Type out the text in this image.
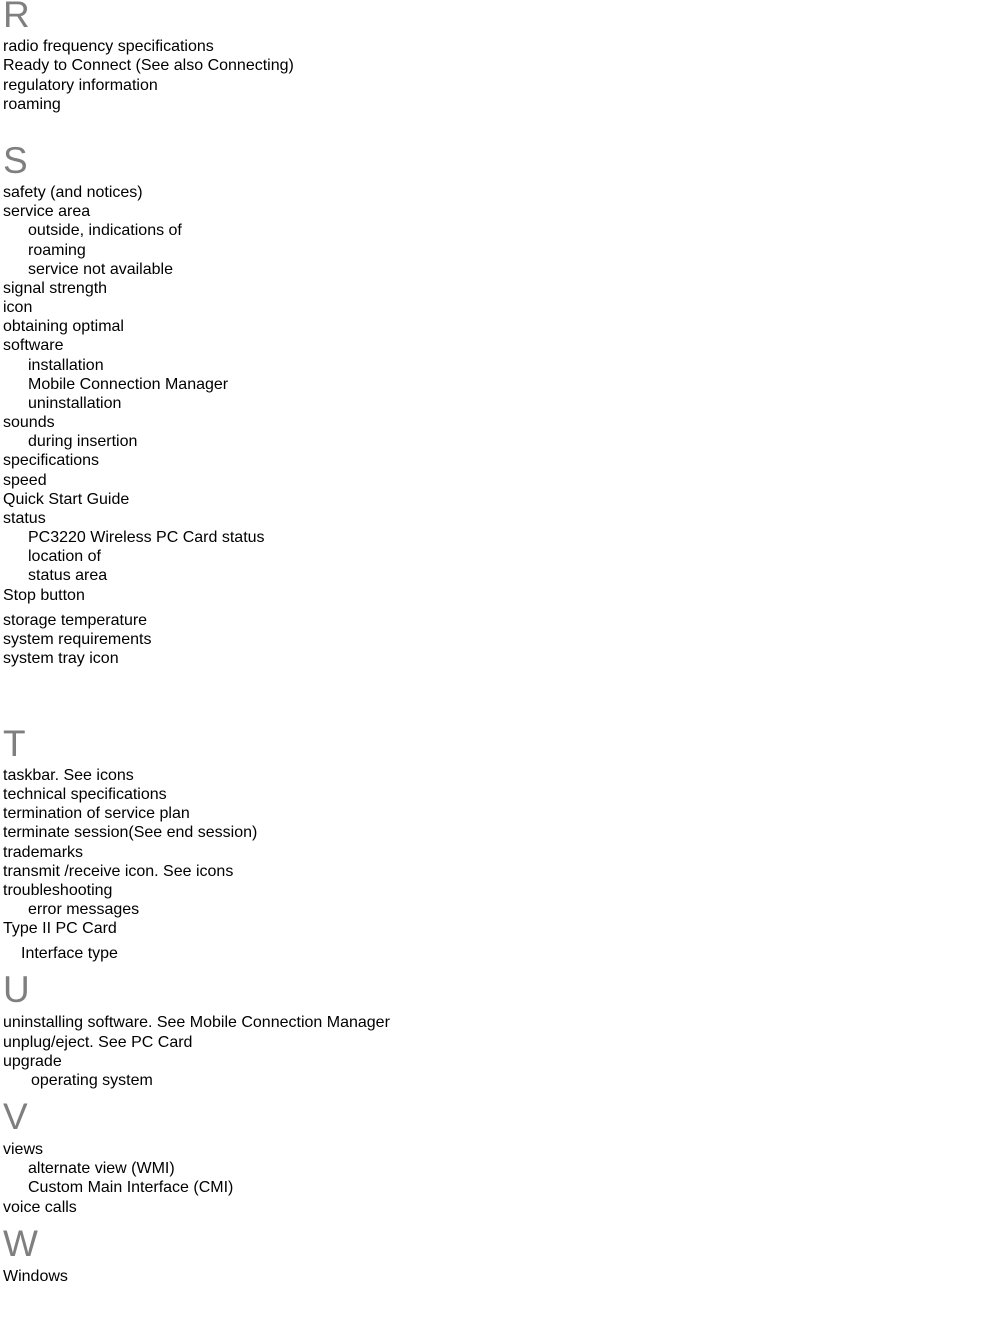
R
radio frequency specifications
Ready to Connect (See also Connecting)
regulatory information
roaming
S
safety (and notices)
service area
outside, indications of
roaming
service not available
signal strength
icon
obtaining optimal
software
installation
Mobile Connection Manager
uninstallation
sounds
during insertion
specifications
speed
Quick Start Guide
status
PC3220 Wireless PC Card status
location of
status area
Stop button
storage temperature
system requirements
system tray icon
T
taskbar. See icons
technical specifications
termination of service plan
terminate session(See end session)
trademarks
transmit /receive icon. See icons
troubleshooting
error messages
Type II PC Card
Interface type
U
uninstalling software. See Mobile Connection Manager
unplug/eject. See PC Card
upgrade
operating system
V
views
alternate view (WMI)
Custom Main Interface (CMI)
voice calls
W
Windows
